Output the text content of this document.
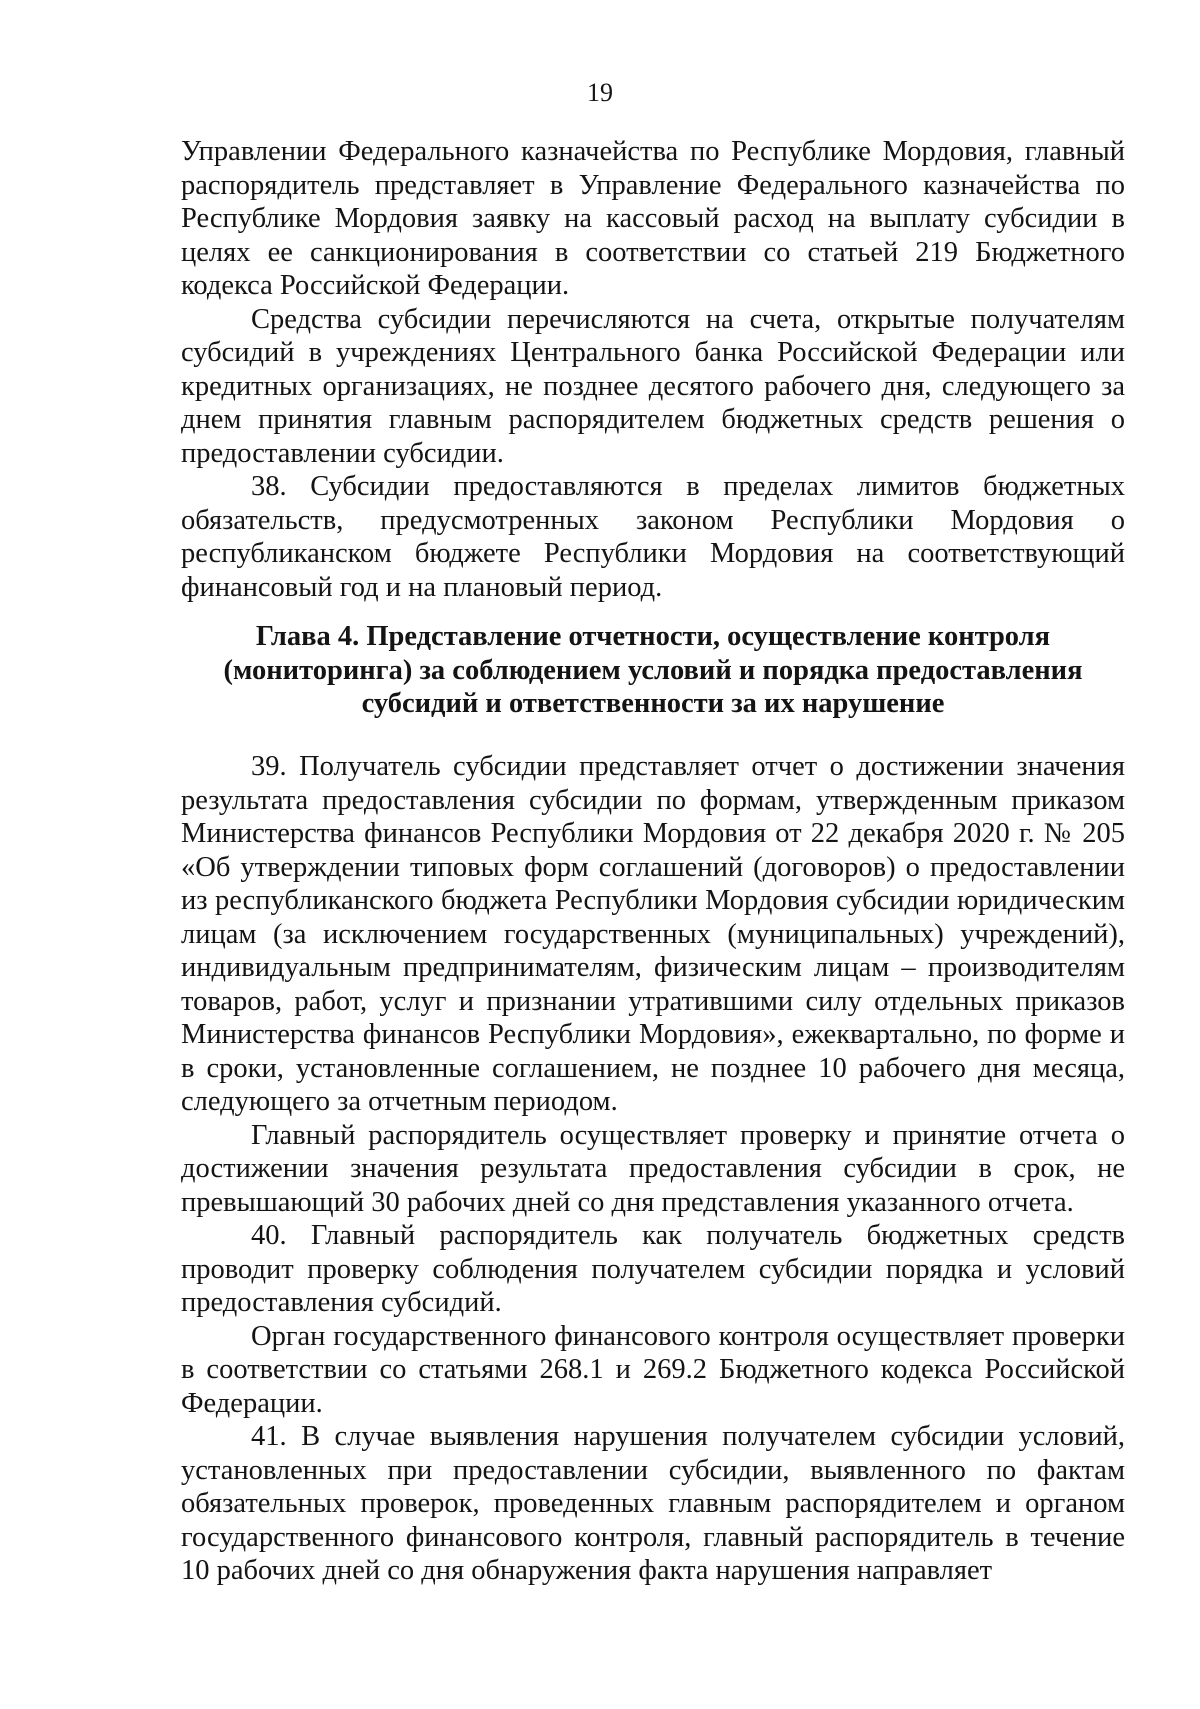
19

Управлении Федерального казначейства по Республике Мордовия, главный распорядитель представляет в Управление Федерального казначейства по Республике Мордовия заявку на кассовый расход на выплату субсидии в целях ее санкционирования в соответствии со статьей 219 Бюджетного кодекса Российской Федерации.

Средства субсидии перечисляются на счета, открытые получателям субсидий в учреждениях Центрального банка Российской Федерации или кредитных организациях, не позднее десятого рабочего дня, следующего за днем принятия главным распорядителем бюджетных средств решения о предоставлении субсидии.

38. Субсидии предоставляются в пределах лимитов бюджетных обязательств, предусмотренных законом Республики Мордовия о республиканском бюджете Республики Мордовия на соответствующий финансовый год и на плановый период.

Глава 4. Представление отчетности, осуществление контроля
(мониторинга) за соблюдением условий и порядка предоставления
субсидий и ответственности за их нарушение

39. Получатель субсидии представляет отчет о достижении значения результата предоставления субсидии по формам, утвержденным приказом Министерства финансов Республики Мордовия от 22 декабря 2020 г. № 205 «Об утверждении типовых форм соглашений (договоров) о предоставлении из республиканского бюджета Республики Мордовия субсидии юридическим лицам (за исключением государственных (муниципальных) учреждений), индивидуальным предпринимателям, физическим лицам – производителям товаров, работ, услуг и признании утратившими силу отдельных приказов Министерства финансов Республики Мордовия», ежеквартально, по форме и в сроки, установленные соглашением, не позднее 10 рабочего дня месяца, следующего за отчетным периодом.

Главный распорядитель осуществляет проверку и принятие отчета о достижении значения результата предоставления субсидии в срок, не превышающий 30 рабочих дней со дня представления указанного отчета.

40. Главный распорядитель как получатель бюджетных средств проводит проверку соблюдения получателем субсидии порядка и условий предоставления субсидий.

Орган государственного финансового контроля осуществляет проверки в соответствии со статьями 268.1 и 269.2 Бюджетного кодекса Российской Федерации.

41. В случае выявления нарушения получателем субсидии условий, установленных при предоставлении субсидии, выявленного по фактам обязательных проверок, проведенных главным распорядителем и органом государственного финансового контроля, главный распорядитель в течение 10 рабочих дней со дня обнаружения факта нарушения направляет
